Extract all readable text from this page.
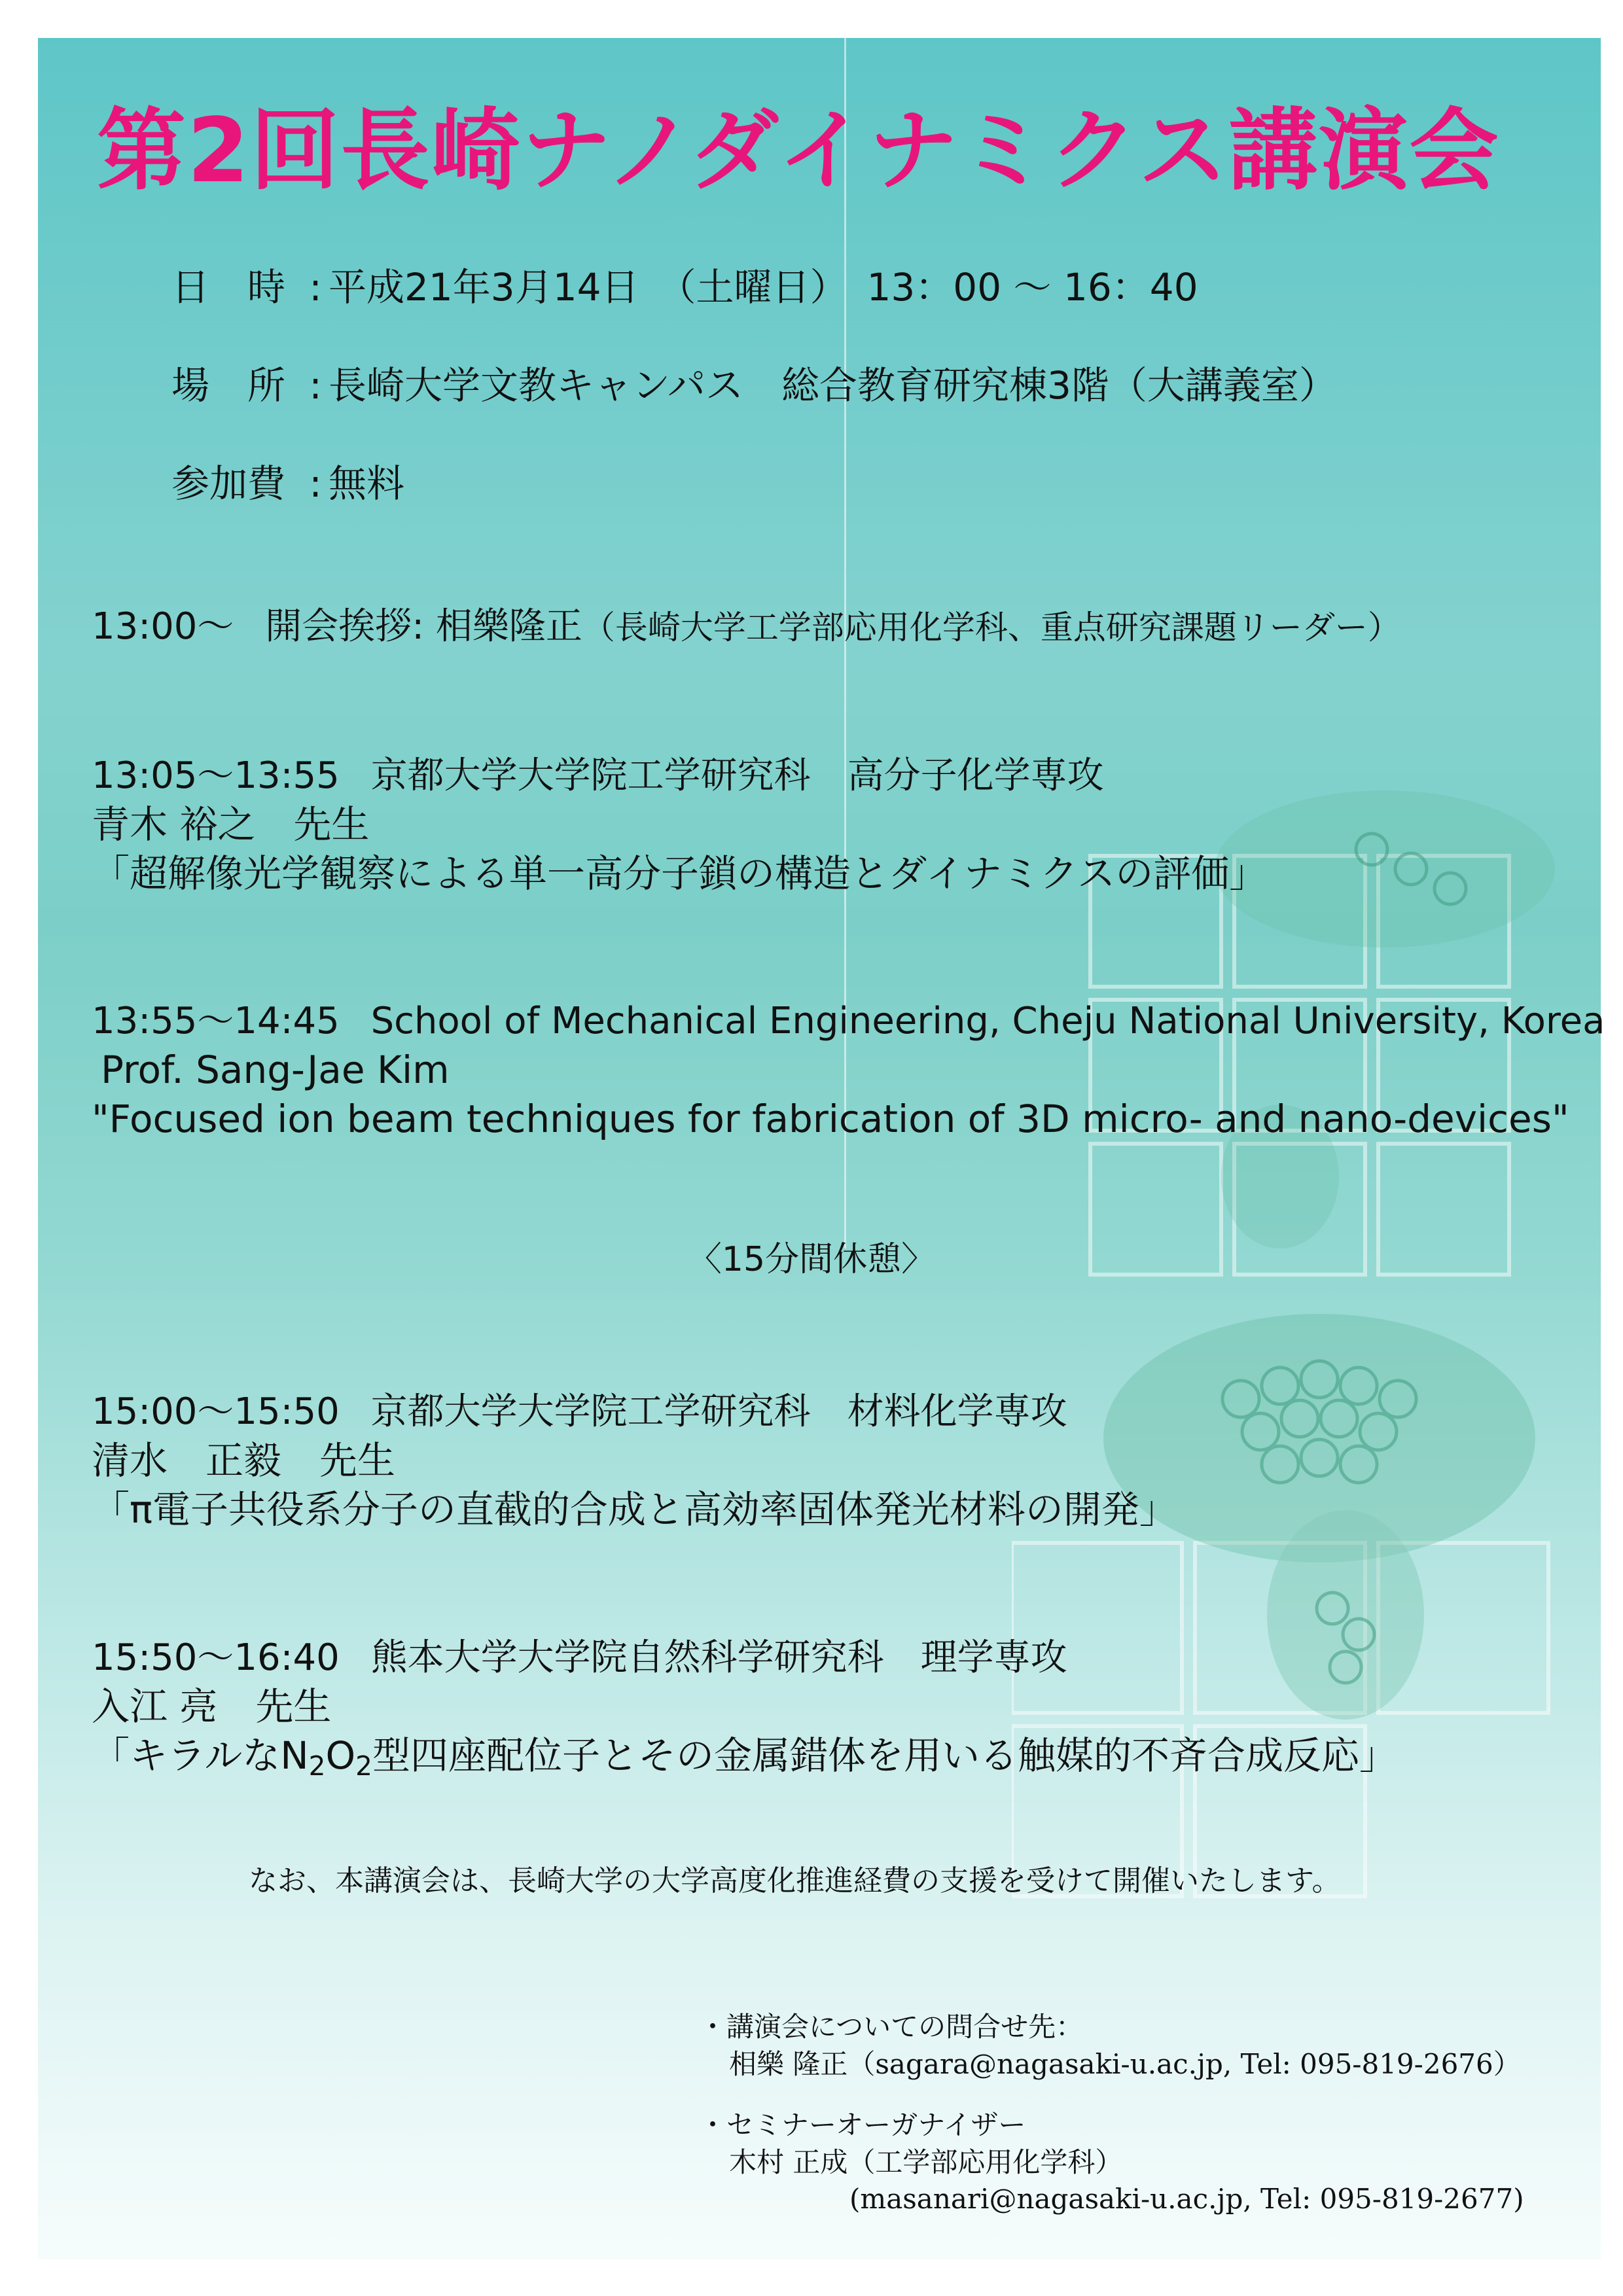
第2回長崎ナノダイナミクス講演会
日　時 : 平成21年3月14日　（土曜日）　13：00 〜 16：40
場　所 : 長崎大学文教キャンパス　総合教育研究棟3階（大講義室）
参加費 : 無料
13:00〜 開会挨拶: 相樂隆正（長崎大学工学部応用化学科、重点研究課題リーダー）
13:05〜13:55 京都大学大学院工学研究科　高分子化学専攻
青木 裕之　先生
「超解像光学観察による単一高分子鎖の構造とダイナミクスの評価」
13:55〜14:45 School of Mechanical Engineering, Cheju National University, Korea
Prof. Sang-Jae Kim
"Focused ion beam techniques for fabrication of 3D micro- and nano-devices"
〈15分間休憩〉
15:00〜15:50 京都大学大学院工学研究科　材料化学専攻
清水　正毅　先生
「π電子共役系分子の直截的合成と高効率固体発光材料の開発」
15:50〜16:40 熊本大学大学院自然科学研究科　理学専攻
入江 亮　先生
「キラルな$N_2O_2$型四座配位子とその金属錯体を用いる触媒的不斉合成反応」
なお、本講演会は、長崎大学の大学高度化推進経費の支援を受けて開催いたします。
・講演会についての問合せ先：
相樂 隆正（sagara@nagasaki-u.ac.jp, Tel: 095-819-2676）
・セミナーオーガナイザー
木村 正成（工学部応用化学科）
(masanari@nagasaki-u.ac.jp, Tel: 095-819-2677)
